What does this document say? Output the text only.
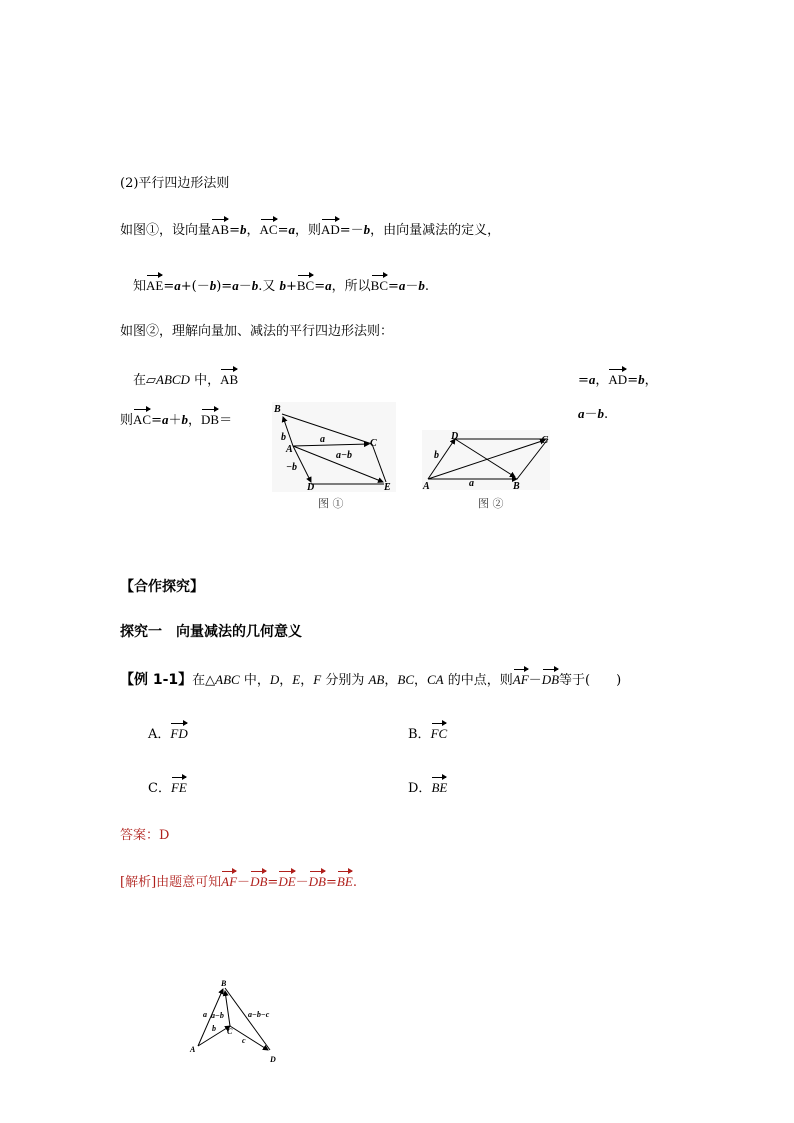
(2)平行四边形法则
如图①，设向量AB=b，AC=a，则AD=－b，由向量减法的定义，
知AE=a+(－b)=a－b.又 b+BC=a，所以BC=a－b.
如图②，理解向量加、减法的平行四边形法则：
在▱ABCD 中，AB	=a，AD=b，
则AC=a＋b，DB＝	a－b.
B
b
A
a
a−b
C
−b
D	E
图 ①
D
b
A	a	B
C
图 ②
【合作探究】
探究一　向量减法的几何意义
【例 1-1】在△ABC 中，D，E，F 分别为 AB，BC，CA 的中点，则AF－DB等于(　　)
A．FD	B．FC
C．FE	D．BE
答案：D
[解析]由题意可知AF－DB=DE－DB=BE.
B
a a−b
b C
c
a−b−c
A
D
